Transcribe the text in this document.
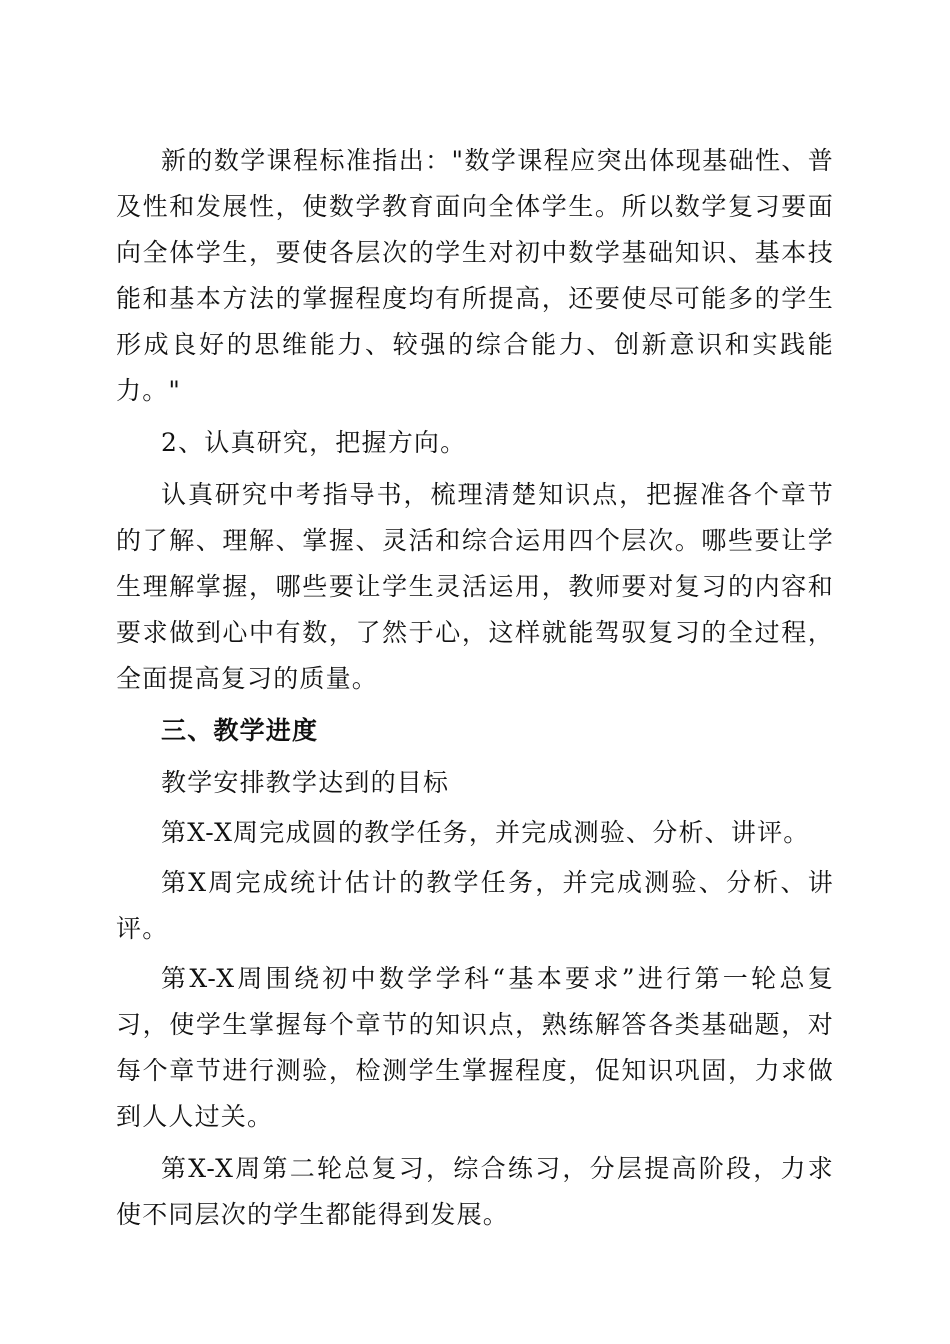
新的数学课程标准指出："数学课程应突出体现基础性、普及性和发展性，使数学教育面向全体学生。所以数学复习要面向全体学生，要使各层次的学生对初中数学基础知识、基本技能和基本方法的掌握程度均有所提高，还要使尽可能多的学生形成良好的思维能力、较强的综合能力、创新意识和实践能力。"

2、认真研究，把握方向。

认真研究中考指导书，梳理清楚知识点，把握准各个章节的了解、理解、掌握、灵活和综合运用四个层次。哪些要让学生理解掌握，哪些要让学生灵活运用，教师要对复习的内容和要求做到心中有数，了然于心，这样就能驾驭复习的全过程，全面提高复习的质量。

三、教学进度

教学安排教学达到的目标

第X-X周完成圆的教学任务，并完成测验、分析、讲评。

第X周完成统计估计的教学任务，并完成测验、分析、讲评。

第X-X周围绕初中数学学科“基本要求”进行第一轮总复习，使学生掌握每个章节的知识点，熟练解答各类基础题，对每个章节进行测验，检测学生掌握程度，促知识巩固，力求做到人人过关。

第X-X周第二轮总复习，综合练习，分层提高阶段，力求使不同层次的学生都能得到发展。
